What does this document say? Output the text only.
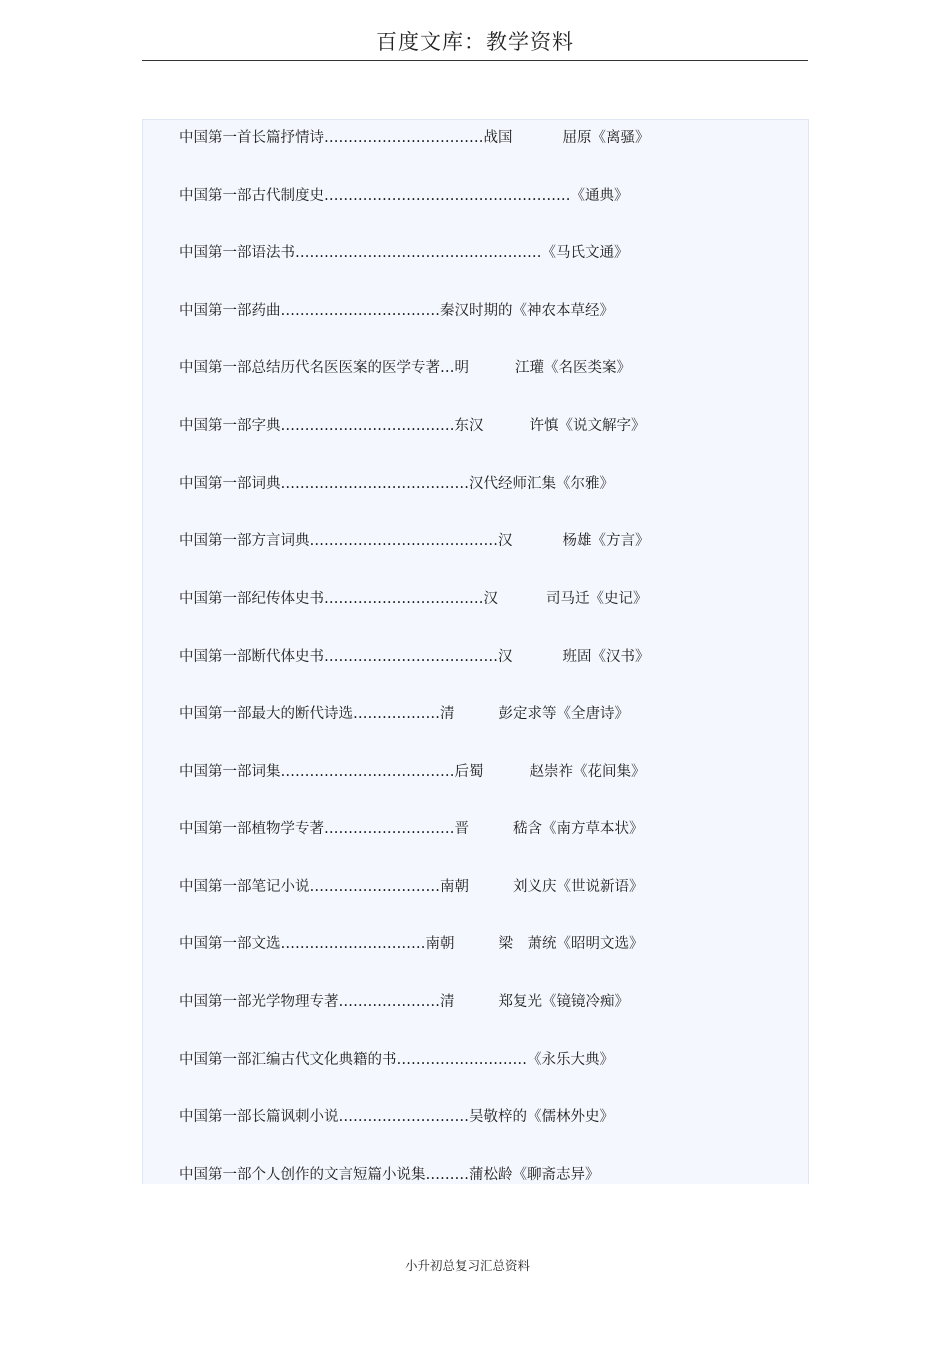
百度文库：教学资料
中国第一首长篇抒情诗……………………………战国	屈原《离骚》
中国第一部古代制度史……………………………………………《通典》
中国第一部语法书……………………………………………《马氏文通》
中国第一部药曲……………………………秦汉时期的《神农本草经》
中国第一部总结历代名医医案的医学专著…明	江瓘《名医类案》
中国第一部字典………………………………东汉	许慎《说文解字》
中国第一部词典…………………………………汉代经师汇集《尔雅》
中国第一部方言词典…………………………………汉	杨雄《方言》
中国第一部纪传体史书……………………………汉	司马迁《史记》
中国第一部断代体史书………………………………汉	班固《汉书》
中国第一部最大的断代诗选………………清	彭定求等《全唐诗》
中国第一部词集………………………………后蜀	赵崇祚《花间集》
中国第一部植物学专著………………………晋	嵇含《南方草本状》
中国第一部笔记小说………………………南朝	刘义庆《世说新语》
中国第一部文选…………………………南朝	梁　萧统《昭明文选》
中国第一部光学物理专著…………………清	郑复光《镜镜冷痴》
中国第一部汇编古代文化典籍的书………………………《永乐大典》
中国第一部长篇讽刺小说………………………吴敬梓的《儒林外史》
中国第一部个人创作的文言短篇小说集………蒲松龄《聊斋志异》
小升初总复习汇总资料
